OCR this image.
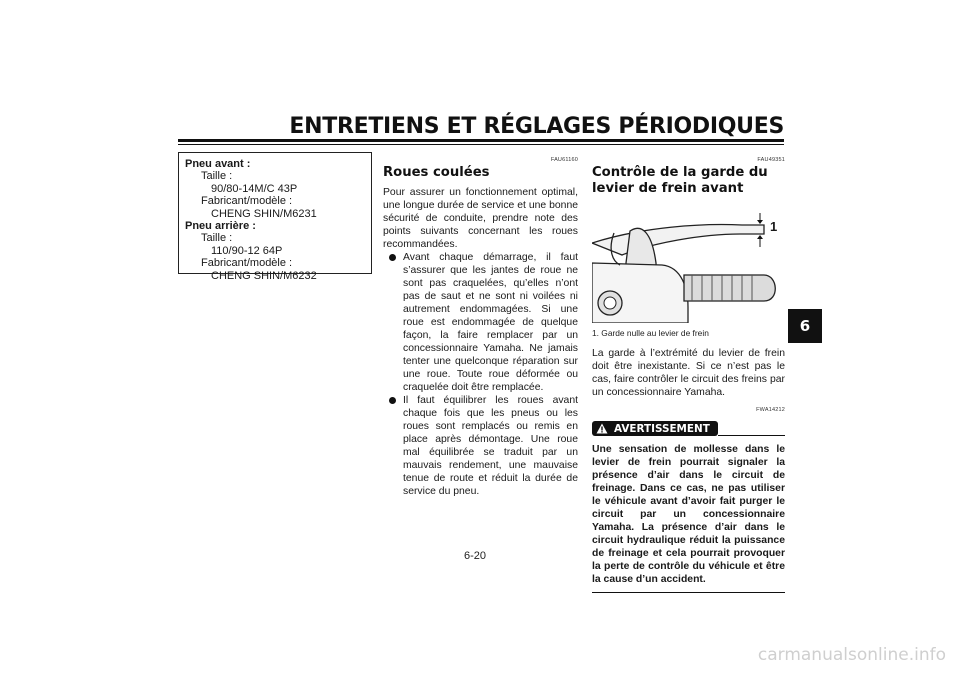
ENTRETIENS ET RÉGLAGES PÉRIODIQUES
6
Pneu avant :
Taille :
90/80-14M/C 43P
Fabricant/modèle :
CHENG SHIN/M6231
Pneu arrière :
Taille :
110/90-12 64P
Fabricant/modèle :
CHENG SHIN/M6232
FAU61160
Roues coulées

Pour assurer un fonctionnement optimal, une longue durée de service et une bonne sécurité de conduite, prendre note des points suivants concernant les roues recommandées.

Avant chaque démarrage, il faut s’assurer que les jantes de roue ne sont pas craquelées, qu’elles n’ont pas de saut et ne sont ni voilées ni autrement endommagées. Si une roue est endommagée de quelque façon, la faire remplacer par un concessionnaire Yamaha. Ne jamais tenter une quelconque réparation sur une roue. Toute roue déformée ou craquelée doit être remplacée.
Il faut équilibrer les roues avant chaque fois que les pneus ou les roues sont remplacés ou remis en place après démontage. Une roue mal équilibrée se traduit par un mauvais rendement, une mauvaise tenue de route et réduit la durée de service du pneu.
FAU49351
Contrôle de la garde du levier de frein avant
1
1. Garde nulle au levier de frein

La garde à l’extrémité du levier de frein doit être inexistante. Si ce n’est pas le cas, faire contrôler le circuit des freins par un concessionnaire Yamaha.

FWA14212
AVERTISSEMENT
Une sensation de mollesse dans le levier de frein pourrait signaler la présence d’air dans le circuit de freinage. Dans ce cas, ne pas utiliser le véhicule avant d’avoir fait purger le circuit par un concessionnaire Yamaha. La présence d’air dans le circuit hydraulique réduit la puissance de freinage et cela pourrait provoquer la perte de contrôle du véhicule et être la cause d’un accident.
6-20
carmanualsonline.info
